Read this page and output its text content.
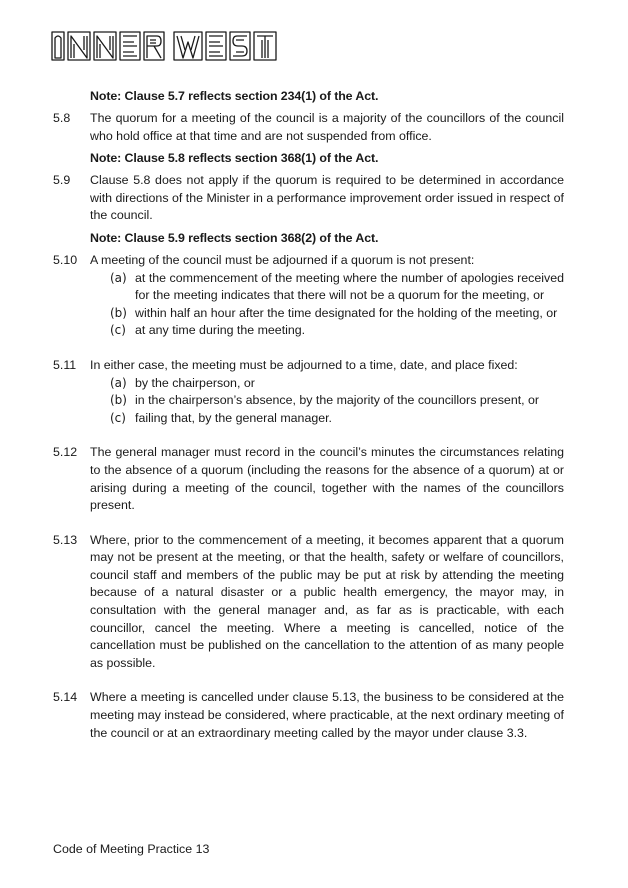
Note: Clause 5.7 reflects section 234(1) of the Act.
5.8	The quorum for a meeting of the council is a majority of the councillors of the council who hold office at that time and are not suspended from office.

Note: Clause 5.8 reflects section 368(1) of the Act.
5.9	Clause 5.8 does not apply if the quorum is required to be determined in accordance with directions of the Minister in a performance improvement order issued in respect of the council.

Note: Clause 5.9 reflects section 368(2) of the Act.
5.10	A meeting of the council must be adjourned if a quorum is not present:

(a) at the commencement of the meeting where the number of apologies received for the meeting indicates that there will not be a quorum for the meeting, or
(b) within half an hour after the time designated for the holding of the meeting, or
(c) at any time during the meeting.
5.11	In either case, the meeting must be adjourned to a time, date, and place fixed:

(a) by the chairperson, or
(b) in the chairperson’s absence, by the majority of the councillors present, or
(c) failing that, by the general manager.
5.12	The general manager must record in the council’s minutes the circumstances relating to the absence of a quorum (including the reasons for the absence of a quorum) at or arising during a meeting of the council, together with the names of the councillors present.

5.13	Where, prior to the commencement of a meeting, it becomes apparent that a quorum may not be present at the meeting, or that the health, safety or welfare of councillors, council staff and members of the public may be put at risk by attending the meeting because of a natural disaster or a public health emergency, the mayor may, in consultation with the general manager and, as far as is practicable, with each councillor, cancel the meeting. Where a meeting is cancelled, notice of the cancellation must be published on the cancellation to the attention of as many people as possible.

5.14	Where a meeting is cancelled under clause 5.13, the business to be considered at the meeting may instead be considered, where practicable, at the next ordinary meeting of the council or at an extraordinary meeting called by the mayor under clause 3.3.

Code of Meeting Practice 13
